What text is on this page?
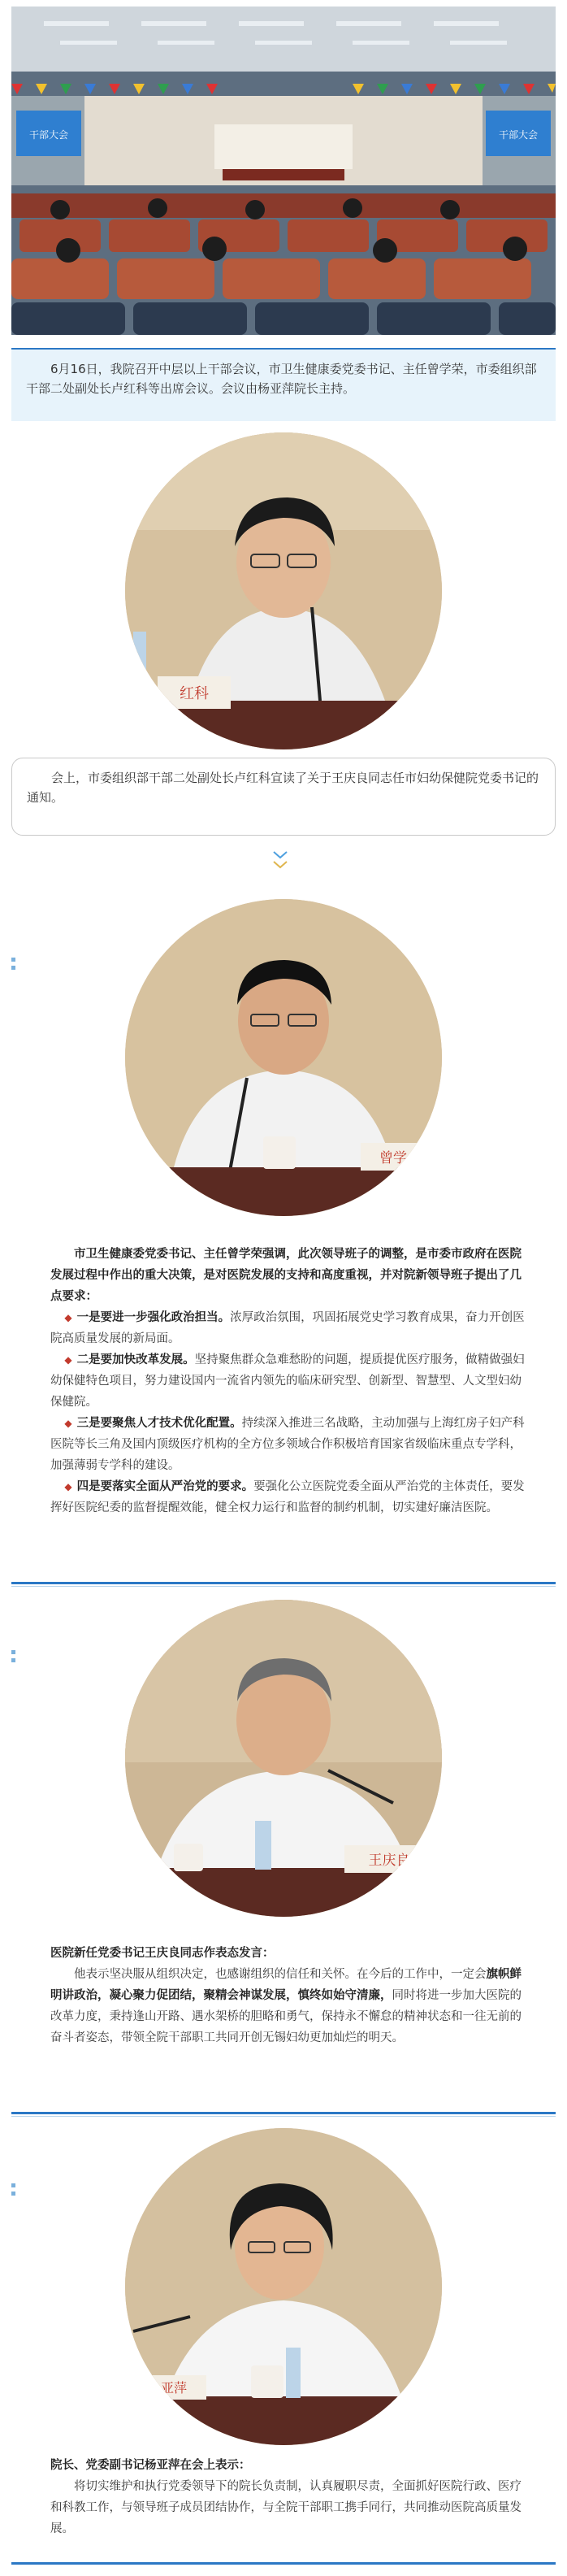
干部大会	干部大会

6月16日，我院召开中层以上干部会议，市卫生健康委党委书记、主任曾学荣，市委组织部干部二处副处长卢红科等出席会议。会议由杨亚萍院长主持。

红科

会上，市委组织部干部二处副处长卢红科宣读了关于王庆良同志任市妇幼保健院党委书记的通知。

曾学

市卫生健康委党委书记、主任曾学荣强调，此次领导班子的调整，是市委市政府在医院发展过程中作出的重大决策，是对医院发展的支持和高度重视，并对院新领导班子提出了几点要求：

◆ 一是要进一步强化政治担当。浓厚政治氛围，巩固拓展党史学习教育成果，奋力开创医院高质量发展的新局面。

◆ 二是要加快改革发展。坚持聚焦群众急难愁盼的问题，提质提优医疗服务，做精做强妇幼保健特色项目，努力建设国内一流省内领先的临床研究型、创新型、智慧型、人文型妇幼保健院。

◆ 三是要聚焦人才技术优化配置。持续深入推进三名战略，主动加强与上海红房子妇产科医院等长三角及国内顶级医疗机构的全方位多领域合作积极培育国家省级临床重点专学科，加强薄弱专学科的建设。

◆ 四是要落实全面从严治党的要求。要强化公立医院党委全面从严治党的主体责任，要发挥好医院纪委的监督提醒效能，健全权力运行和监督的制约机制，切实建好廉洁医院。

王庆良

医院新任党委书记王庆良同志作表态发言：

他表示坚决服从组织决定，也感谢组织的信任和关怀。在今后的工作中，一定会旗帜鲜明讲政治，凝心聚力促团结，聚精会神谋发展，慎终如始守清廉，同时将进一步加大医院的改革力度，秉持逢山开路、遇水架桥的胆略和勇气，保持永不懈怠的精神状态和一往无前的奋斗者姿态，带领全院干部职工共同开创无锡妇幼更加灿烂的明天。

亚萍

院长、党委副书记杨亚萍在会上表示：

将切实维护和执行党委领导下的院长负责制，认真履职尽责，全面抓好医院行政、医疗和科教工作，与领导班子成员团结协作，与全院干部职工携手同行，共同推动医院高质量发展。
